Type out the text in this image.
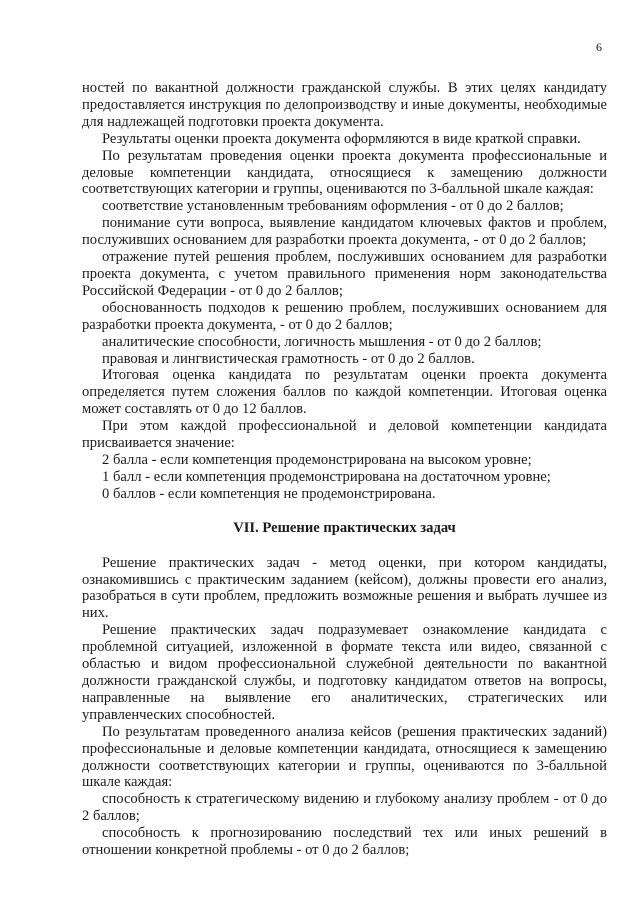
6

ностей по вакантной должности гражданской службы. В этих целях кандидату предоставляется инструкция по делопроизводству и иные документы, необходимые для надлежащей подготовки проекта документа.

Результаты оценки проекта документа оформляются в виде краткой справки.

По результатам проведения оценки проекта документа профессиональные и деловые компетенции кандидата, относящиеся к замещению должности соответствующих категории и группы, оцениваются по 3-балльной шкале каждая:

соответствие установленным требованиям оформления - от 0 до 2 баллов;

понимание сути вопроса, выявление кандидатом ключевых фактов и проблем, послуживших основанием для разработки проекта документа, - от 0 до 2 баллов;

отражение путей решения проблем, послуживших основанием для разработки проекта документа, с учетом правильного применения норм законодательства Российской Федерации - от 0 до 2 баллов;

обоснованность подходов к решению проблем, послуживших основанием для разработки проекта документа, - от 0 до 2 баллов;

аналитические способности, логичность мышления - от 0 до 2 баллов;

правовая и лингвистическая грамотность - от 0 до 2 баллов.

Итоговая оценка кандидата по результатам оценки проекта документа определяется путем сложения баллов по каждой компетенции. Итоговая оценка может составлять от 0 до 12 баллов.

При этом каждой профессиональной и деловой компетенции кандидата присваивается значение:

2 балла - если компетенция продемонстрирована на высоком уровне;

1 балл - если компетенция продемонстрирована на достаточном уровне;

0 баллов - если компетенция не продемонстрирована.

VII. Решение практических задач

Решение практических задач - метод оценки, при котором кандидаты, ознакомившись с практическим заданием (кейсом), должны провести его анализ, разобраться в сути проблем, предложить возможные решения и выбрать лучшее из них.

Решение практических задач подразумевает ознакомление кандидата с проблемной ситуацией, изложенной в формате текста или видео, связанной с областью и видом профессиональной служебной деятельности по вакантной должности гражданской службы, и подготовку кандидатом ответов на вопросы, направленные на выявление его аналитических, стратегических или управленческих способностей.

По результатам проведенного анализа кейсов (решения практических заданий) профессиональные и деловые компетенции кандидата, относящиеся к замещению должности соответствующих категории и группы, оцениваются по 3-балльной шкале каждая:

способность к стратегическому видению и глубокому анализу проблем - от 0 до 2 баллов;

способность к прогнозированию последствий тех или иных решений в отношении конкретной проблемы - от 0 до 2 баллов;
